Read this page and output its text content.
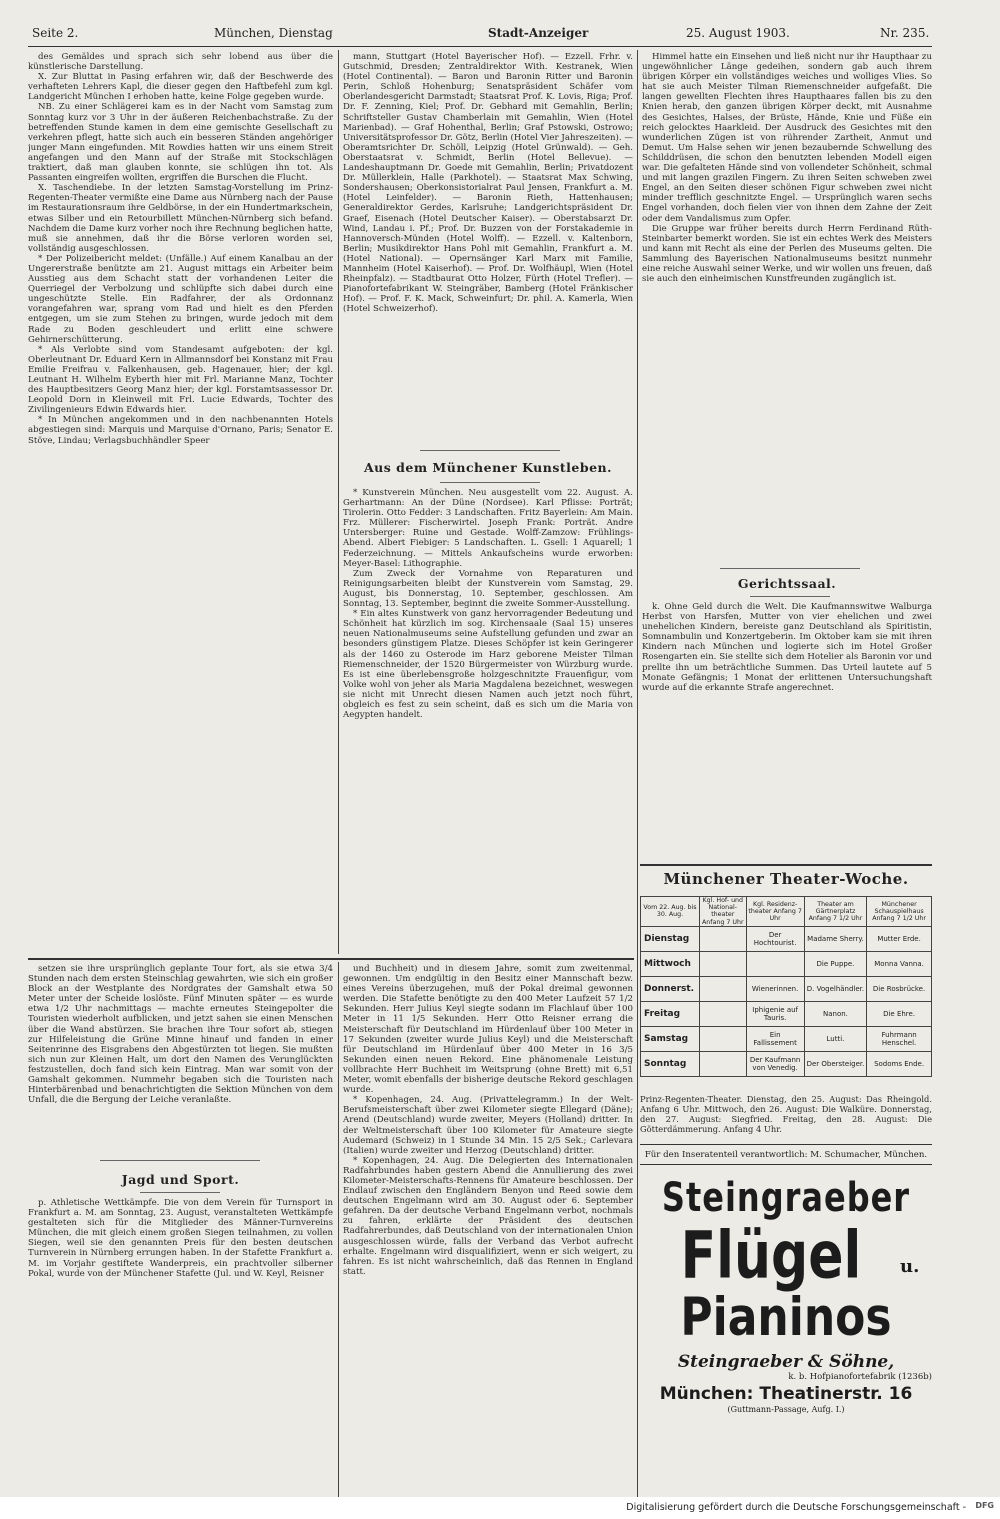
Seite 2.	München, Dienstag	Stadt-Anzeiger	25. August 1903.	Nr. 235.

des Gemäldes und sprach sich sehr lobend aus über die künstlerische Darstellung.

X. Zur Bluttat in Pasing erfahren wir, daß der Beschwerde des verhafteten Lehrers Kapl, die dieser gegen den Haftbefehl zum kgl. Landgericht München I erhoben hatte, keine Folge gegeben wurde.

NB. Zu einer Schlägerei kam es in der Nacht vom Samstag zum Sonntag kurz vor 3 Uhr in der äußeren Reichenbachstraße. Zu der betreffenden Stunde kamen in dem eine gemischte Gesellschaft zu verkehren pflegt, hatte sich auch ein besseren Ständen angehöriger junger Mann eingefunden. Mit Rowdies hatten wir uns einem Streit angefangen und den Mann auf der Straße mit Stockschlägen traktiert, daß man glauben konnte, sie schlügen ihn tot. Als Passanten eingreifen wollten, ergriffen die Burschen die Flucht.

X. Taschendiebe. In der letzten Samstag-Vorstellung im Prinz-Regenten-Theater vermißte eine Dame aus Nürnberg nach der Pause im Restaurationsraum ihre Geldbörse, in der ein Hundertmarkschein, etwas Silber und ein Retourbillett München-Nürnberg sich befand. Nachdem die Dame kurz vorher noch ihre Rechnung beglichen hatte, muß sie annehmen, daß ihr die Börse verloren worden sei, vollständig ausgeschlossen.

* Der Polizeibericht meldet: (Unfälle.) Auf einem Kanalbau an der Ungererstraße benützte am 21. August mittags ein Arbeiter beim Ausstieg aus dem Schacht statt der vorhandenen Leiter die Querriegel der Verbolzung und schlüpfte sich dabei durch eine ungeschützte Stelle. Ein Radfahrer, der als Ordonnanz vorangefahren war, sprang vom Rad und hielt es den Pferden entgegen, um sie zum Stehen zu bringen, wurde jedoch mit dem Rade zu Boden geschleudert und erlitt eine schwere Gehirnerschütterung.

* Als Verlobte sind vom Standesamt aufgeboten: der kgl. Oberleutnant Dr. Eduard Kern in Allmannsdorf bei Konstanz mit Frau Emilie Freifrau v. Falkenhausen, geb. Hagenauer, hier; der kgl. Leutnant H. Wilhelm Eyberth hier mit Frl. Marianne Manz, Tochter des Hauptbesitzers Georg Manz hier; der kgl. Forstamtsassessor Dr. Leopold Dorn in Kleinweil mit Frl. Lucie Edwards, Tochter des Zivilingenieurs Edwin Edwards hier.

* In München angekommen und in den nachbenannten Hotels abgestiegen sind: Marquis und Marquise d'Ornano, Paris; Senator E. Stöve, Lindau; Verlagsbuchhändler Speer

mann, Stuttgart (Hotel Bayerischer Hof). — Ezzell. Frhr. v. Gutschmid, Dresden; Zentraldirektor With. Kestranek, Wien (Hotel Continental). — Baron und Baronin Ritter und Baronin Perin, Schloß Hohenburg; Senatspräsident Schäfer vom Oberlandesgericht Darmstadt; Staatsrat Prof. K. Lovis, Riga; Prof. Dr. F. Zenning, Kiel; Prof. Dr. Gebhard mit Gemahlin, Berlin; Schriftsteller Gustav Chamberlain mit Gemahlin, Wien (Hotel Marienbad). — Graf Hohenthal, Berlin; Graf Pstowski, Ostrowo; Universitätsprofessor Dr. Götz, Berlin (Hotel Vier Jahreszeiten). — Oberamtsrichter Dr. Schöll, Leipzig (Hotel Grünwald). — Geh. Oberstaatsrat v. Schmidt, Berlin (Hotel Bellevue). — Landeshauptmann Dr. Goede mit Gemahlin, Berlin; Privatdozent Dr. Müllerklein, Halle (Parkhotel). — Staatsrat Max Schwing, Sondershausen; Oberkonsistorialrat Paul Jensen, Frankfurt a. M. (Hotel Leinfelder). — Baronin Rieth, Hattenhausen; Generaldirektor Gerdes, Karlsruhe; Landgerichtspräsident Dr. Graef, Eisenach (Hotel Deutscher Kaiser). — Oberstabsarzt Dr. Wind, Landau i. Pf.; Prof. Dr. Buzzen von der Forstakademie in Hannoversch-Münden (Hotel Wolff). — Ezzell. v. Kaltenborn, Berlin; Musikdirektor Hans Pohl mit Gemahlin, Frankfurt a. M. (Hotel National). — Opernsänger Karl Marx mit Familie, Mannheim (Hotel Kaiserhof). — Prof. Dr. Wolfhäupl, Wien (Hotel Rheinpfalz). — Stadtbaurat Otto Holzer, Fürth (Hotel Trefler). — Pianofortefabrikant W. Steingräber, Bamberg (Hotel Fränkischer Hof). — Prof. F. K. Mack, Schweinfurt; Dr. phil. A. Kamerla, Wien (Hotel Schweizerhof).

Aus dem Münchener Kunstleben.

* Kunstverein München. Neu ausgestellt vom 22. August. A. Gerhartmann: An der Düne (Nordsee). Karl Pflisse: Porträt; Tirolerin. Otto Fedder: 3 Landschaften. Fritz Bayerlein: Am Main. Frz. Müllerer: Fischerwirtel. Joseph Frank: Porträt. Andre Untersberger: Ruine und Gestade. Wolff-Zamzow: Frühlings-Abend. Albert Fiebiger: 5 Landschaften. L. Gsell: 1 Aquarell; 1 Federzeichnung. — Mittels Ankaufscheins wurde erworben: Meyer-Basel: Lithographie.

Zum Zweck der Vornahme von Reparaturen und Reinigungsarbeiten bleibt der Kunstverein vom Samstag, 29. August, bis Donnerstag, 10. September, geschlossen. Am Sonntag, 13. September, beginnt die zweite Sommer-Ausstellung.

* Ein altes Kunstwerk von ganz hervorragender Bedeutung und Schönheit hat kürzlich im sog. Kirchensaale (Saal 15) unseres neuen Nationalmuseums seine Aufstellung gefunden und zwar an besonders günstigem Platze. Dieses Schöpfer ist kein Geringerer als der 1460 zu Osterode im Harz geborene Meister Tilman Riemenschneider, der 1520 Bürgermeister von Würzburg wurde. Es ist eine überlebensgroße holzgeschnitzte Frauenfigur, vom Volke wohl von jeher als Maria Magdalena bezeichnet, weswegen sie nicht mit Unrecht diesen Namen auch jetzt noch führt, obgleich es fest zu sein scheint, daß es sich um die Maria von Aegypten handelt.

Himmel hatte ein Einsehen und ließ nicht nur ihr Haupthaar zu ungewöhnlicher Länge gedeihen, sondern gab auch ihrem übrigen Körper ein vollständiges weiches und wolliges Vlies. So hat sie auch Meister Tilman Riemenschneider aufgefaßt. Die langen gewellten Flechten ihres Haupthaares fallen bis zu den Knien herab, den ganzen übrigen Körper deckt, mit Ausnahme des Gesichtes, Halses, der Brüste, Hände, Knie und Füße ein reich gelocktes Haarkleid. Der Ausdruck des Gesichtes mit den wunderlichen Zügen ist von rührender Zartheit, Anmut und Demut. Um Halse sehen wir jenen bezaubernde Schwellung des Schilddrüsen, die schon den benutzten lebenden Modell eigen war. Die gefalteten Hände sind von vollendeter Schönheit, schmal und mit langen grazilen Fingern. Zu ihren Seiten schweben zwei Engel, an den Seiten dieser schönen Figur schweben zwei nicht minder trefflich geschnitzte Engel. — Ursprünglich waren sechs Engel vorhanden, doch fielen vier von ihnen dem Zahne der Zeit oder dem Vandalismus zum Opfer.

Die Gruppe war früher bereits durch Herrn Ferdinand Rüth-Steinbarter bemerkt worden. Sie ist ein echtes Werk des Meisters und kann mit Recht als eine der Perlen des Museums gelten. Die Sammlung des Bayerischen Nationalmuseums besitzt nunmehr eine reiche Auswahl seiner Werke, und wir wollen uns freuen, daß sie auch den einheimischen Kunstfreunden zugänglich ist.

Gerichtssaal.

k. Ohne Geld durch die Welt. Die Kaufmannswitwe Walburga Herbst von Harsfen, Mutter von vier ehelichen und zwei unehelichen Kindern, bereiste ganz Deutschland als Spiritistin, Somnambulin und Konzertgeberin. Im Oktober kam sie mit ihren Kindern nach München und logierte sich im Hotel Großer Rosengarten ein. Sie stellte sich dem Hotelier als Baronin vor und prellte ihn um beträchtliche Summen. Das Urteil lautete auf 5 Monate Gefängnis; 1 Monat der erlittenen Untersuchungshaft wurde auf die erkannte Strafe angerechnet.

setzen sie ihre ursprünglich geplante Tour fort, als sie etwa 3/4 Stunden nach dem ersten Steinschlag gewahrten, wie sich ein großer Block an der Westplante des Nordgrates der Gamshalt etwa 50 Meter unter der Scheide loslöste. Fünf Minuten später — es wurde etwa 1/2 Uhr nachmittags — machte erneutes Steingepolter die Touristen wiederholt aufblicken, und jetzt sahen sie einen Menschen über die Wand abstürzen. Sie brachen ihre Tour sofort ab, stiegen zur Hilfeleistung die Grüne Minne hinauf und fanden in einer Seitenrinne des Eisgrabens den Abgestürzten tot liegen. Sie mußten sich nun zur Kleinen Halt, um dort den Namen des Verunglückten festzustellen, doch fand sich kein Eintrag. Man war somit von der Gamshalt gekommen. Nummehr begaben sich die Touristen nach Hinterbärenbad und benachrichtigten die Sektion München von dem Unfall, die die Bergung der Leiche veranlaßte.

Jagd und Sport.

p. Athletische Wettkämpfe. Die von dem Verein für Turnsport in Frankfurt a. M. am Sonntag, 23. August, veranstalteten Wettkämpfe gestalteten sich für die Mitglieder des Männer-Turnvereins München, die mit gleich einem großen Siegen teilnahmen, zu vollen Siegen, weil sie den genannten Preis für den besten deutschen Turnverein in Nürnberg errungen haben. In der Stafette Frankfurt a. M. im Vorjahr gestiftete Wanderpreis, ein prachtvoller silberner Pokal, wurde von der Münchener Stafette (Jul. und W. Keyl, Reisner

und Buchheit) und in diesem Jahre, somit zum zweitenmal, gewonnen. Um endgültig in den Besitz einer Mannschaft bezw. eines Vereins überzugehen, muß der Pokal dreimal gewonnen werden. Die Stafette benötigte zu den 400 Meter Laufzeit 57 1/2 Sekunden. Herr Julius Keyl siegte sodann im Flachlauf über 100 Meter in 11 1/5 Sekunden. Herr Otto Reisner errang die Meisterschaft für Deutschland im Hürdenlauf über 100 Meter in 17 Sekunden (zweiter wurde Julius Keyl) und die Meisterschaft für Deutschland im Hürdenlauf über 400 Meter in 16 3/5 Sekunden einen neuen Rekord. Eine phänomenale Leistung vollbrachte Herr Buchheit im Weitsprung (ohne Brett) mit 6,51 Meter, womit ebenfalls der bisherige deutsche Rekord geschlagen wurde.

* Kopenhagen, 24. Aug. (Privattelegramm.) In der Welt-Berufsmeisterschaft über zwei Kilometer siegte Ellegard (Däne); Arend (Deutschland) wurde zweiter, Meyers (Holland) dritter. In der Weltmeisterschaft über 100 Kilometer für Amateure siegte Audemard (Schweiz) in 1 Stunde 34 Min. 15 2/5 Sek.; Carlevara (Italien) wurde zweiter und Herzog (Deutschland) dritter.

* Kopenhagen, 24. Aug. Die Delegierten des Internationalen Radfahrbundes haben gestern Abend die Annullierung des zwei Kilometer-Meisterschafts-Rennens für Amateure beschlossen. Der Endlauf zwischen den Engländern Benyon und Reed sowie dem deutschen Engelmann wird am 30. August oder 6. September gefahren. Da der deutsche Verband Engelmann verbot, nochmals zu fahren, erklärte der Präsident des deutschen Radfahrerbundes, daß Deutschland von der internationalen Union ausgeschlossen würde, falls der Verband das Verbot aufrecht erhalte. Engelmann wird disqualifiziert, wenn er sich weigert, zu fahren. Es ist nicht wahrscheinlich, daß das Rennen in England statt.

Münchener Theater-Woche.
Vom 22. Aug. bis 30. Aug.	Kgl. Hof- und National-theater Anfang 7 Uhr	Kgl. Residenz-theater Anfang 7 Uhr	Theater am Gärtnerplatz Anfang 7 1/2 Uhr	Münchener Schauspielhaus Anfang 7 1/2 Uhr
Dienstag		Der Hochtourist.	Madame Sherry.	Mutter Erde.
Mittwoch			Die Puppe.	Monna Vanna.
Donnerst.		Wienerinnen.	D. Vogelhändler.	Die Rosbrücke.
Freitag		Iphigenie auf Tauris.	Nanon.	Die Ehre.
Samstag		Ein Fallissement	Lutti.	Fuhrmann Henschel.
Sonntag		Der Kaufmann von Venedig.	Der Obersteiger.	Sodoms Ende.
Prinz-Regenten-Theater. Dienstag, den 25. August: Das Rheingold. Anfang 6 Uhr. Mittwoch, den 26. August: Die Walküre. Donnerstag, den 27. August: Siegfried. Freitag, den 28. August: Die Götterdämmerung. Anfang 4 Uhr.
Für den Inseratenteil verantwortlich: M. Schumacher, München.
Steingraeber
Flügel	u.
Pianinos
Steingraeber & Söhne,
k. b. Hofpianofortefabrik (1236b)
München: Theatinerstr. 16
(Guttmann-Passage, Aufg. I.)
Digitalisierung gefördert durch die Deutsche Forschungsgemeinschaft - DFG
